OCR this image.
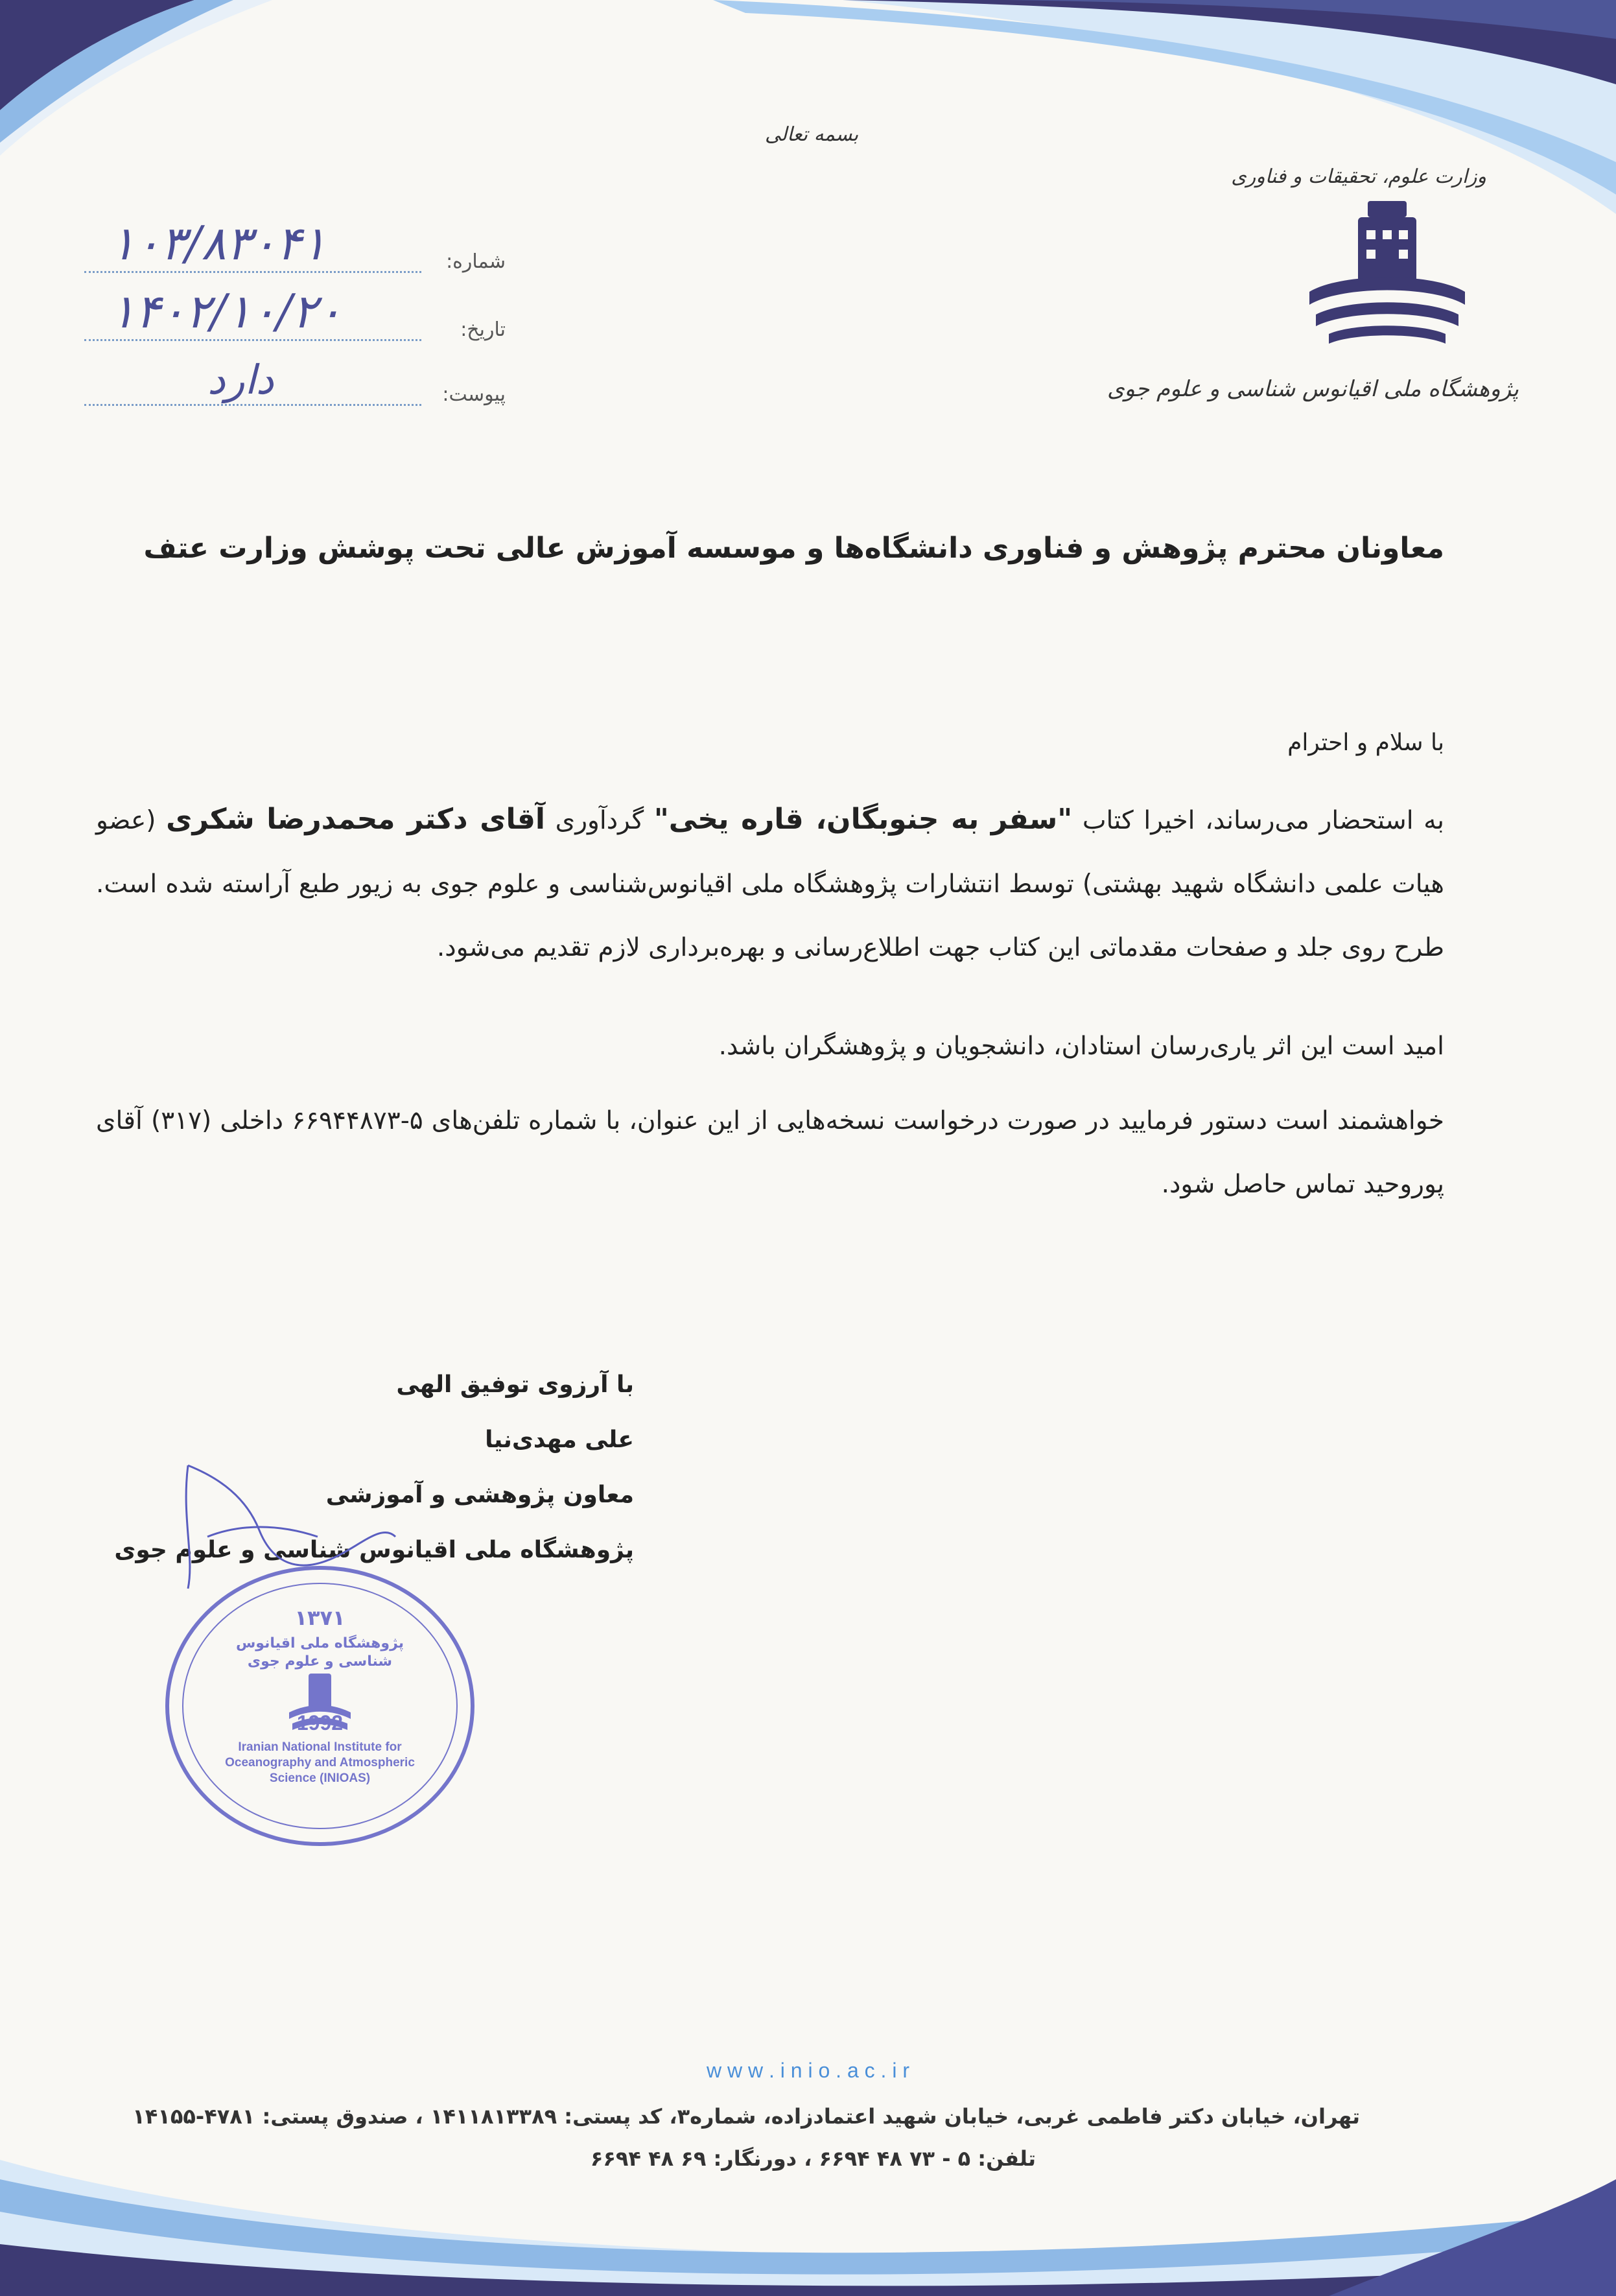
بسمه تعالی
وزارت علوم، تحقیقات و فناوری
پژوهشگاه ملی اقیانوس شناسی و علوم جوی
شماره:
۱۰۳/۸۳۰۴۱
تاریخ:
۱۴۰۲/۱۰/۲۰
پیوست:
دارد
معاونان محترم پژوهش و فناوری دانشگاه‌ها و موسسه آموزش عالی تحت پوشش وزارت عتف
با سلام و احترام
به استحضار می‌رساند، اخیرا کتاب "سفر به جنوبگان، قاره یخی" گردآوری آقای دکتر محمدرضا شکری (عضو هیات علمی دانشگاه شهید بهشتی) توسط انتشارات پژوهشگاه ملی اقیانوس‌شناسی و علوم جوی به زیور طبع آراسته شده است. طرح روی جلد و صفحات مقدماتی این کتاب جهت اطلاع‌رسانی و بهره‌برداری لازم تقدیم می‌شود.
امید است این اثر یاری‌رسان استادان، دانشجویان و پژوهشگران باشد.
خواهشمند است دستور فرمایید در صورت درخواست نسخه‌هایی از این عنوان، با شماره تلفن‌های ۵-۶۶۹۴۴۸۷۳ داخلی (۳۱۷) آقای پوروحید تماس حاصل شود.
با آرزوی توفیق الهی
علی مهدی‌نیا
معاون پژوهشی و آموزشی
پژوهشگاه ملی اقیانوس شناسی و علوم جوی
۱۳۷۱
پژوهشگاه ملی اقیانوس شناسی و علوم جوی
Iranian National Institute for Oceanography and Atmospheric Science (INIOAS)
1992
w w w . i n i o . a c . i r
تهران، خیابان دکتر فاطمی غربی، خیابان شهید اعتمادزاده، شماره۳، کد پستی: ۱۴۱۱۸۱۳۳۸۹ ، صندوق پستی: ۴۷۸۱-۱۴۱۵۵
تلفن: ۵ - ۷۳ ۴۸ ۶۶۹۴ ، دورنگار: ۶۹ ۴۸ ۶۶۹۴
